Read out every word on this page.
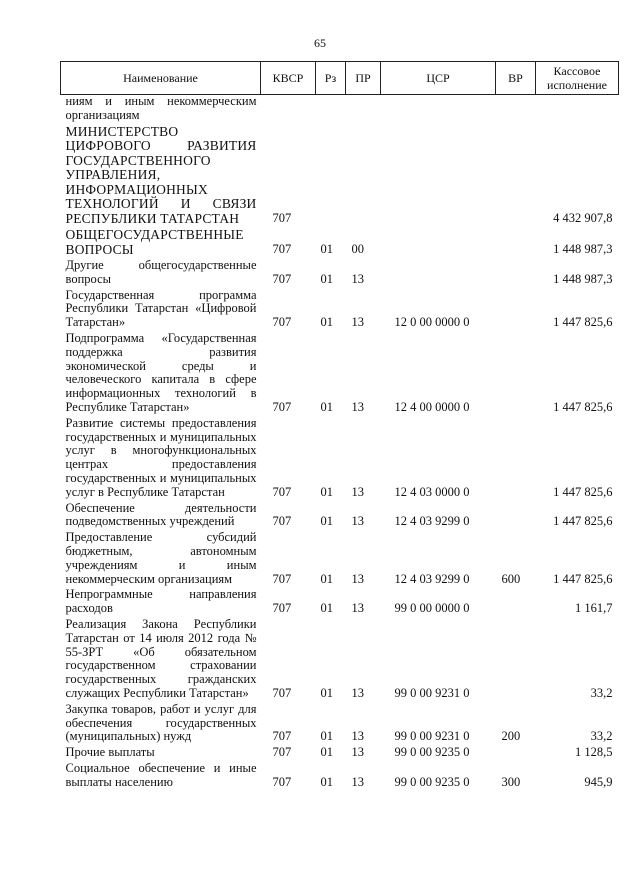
65
Наименование	КВСР	Рз	ПР	ЦСР	ВР	Кассовое исполнение
ниям и иным некоммерческим организациям						
МИНИСТЕРСТВО ЦИФРОВОГО РАЗВИТИЯ ГОСУДАРСТВЕННОГО УПРАВЛЕНИЯ, ИНФОРМАЦИОННЫХ ТЕХНОЛОГИЙ И СВЯЗИ РЕСПУБЛИКИ ТАТАРСТАН	707					4 432 907,8
ОБЩЕГОСУДАРСТВЕННЫЕ ВОПРОСЫ	707	01	00			1 448 987,3
Другие общегосударственные вопросы	707	01	13			1 448 987,3
Государственная программа Республики Татарстан «Цифровой Татарстан»	707	01	13	12 0 00 0000 0		1 447 825,6
Подпрограмма «Государственная поддержка развития экономической среды и человеческого капитала в сфере информационных технологий в Республике Татарстан»	707	01	13	12 4 00 0000 0		1 447 825,6
Развитие системы предоставления государственных и муниципальных услуг в многофункциональных центрах предоставления государственных и муниципальных услуг в Республике Татарстан	707	01	13	12 4 03 0000 0		1 447 825,6
Обеспечение деятельности подведомственных учреждений	707	01	13	12 4 03 9299 0		1 447 825,6
Предоставление субсидий бюджетным, автономным учреждениям и иным некоммерческим организациям	707	01	13	12 4 03 9299 0	600	1 447 825,6
Непрограммные направления расходов	707	01	13	99 0 00 0000 0		1 161,7
Реализация Закона Республики Татарстан от 14 июля 2012 года № 55-ЗРТ «Об обязательном государственном страховании государственных гражданских служащих Республики Татарстан»	707	01	13	99 0 00 9231 0		33,2
Закупка товаров, работ и услуг для обеспечения государственных (муниципальных) нужд	707	01	13	99 0 00 9231 0	200	33,2
Прочие выплаты	707	01	13	99 0 00 9235 0		1 128,5
Социальное обеспечение и иные выплаты населению	707	01	13	99 0 00 9235 0	300	945,9
